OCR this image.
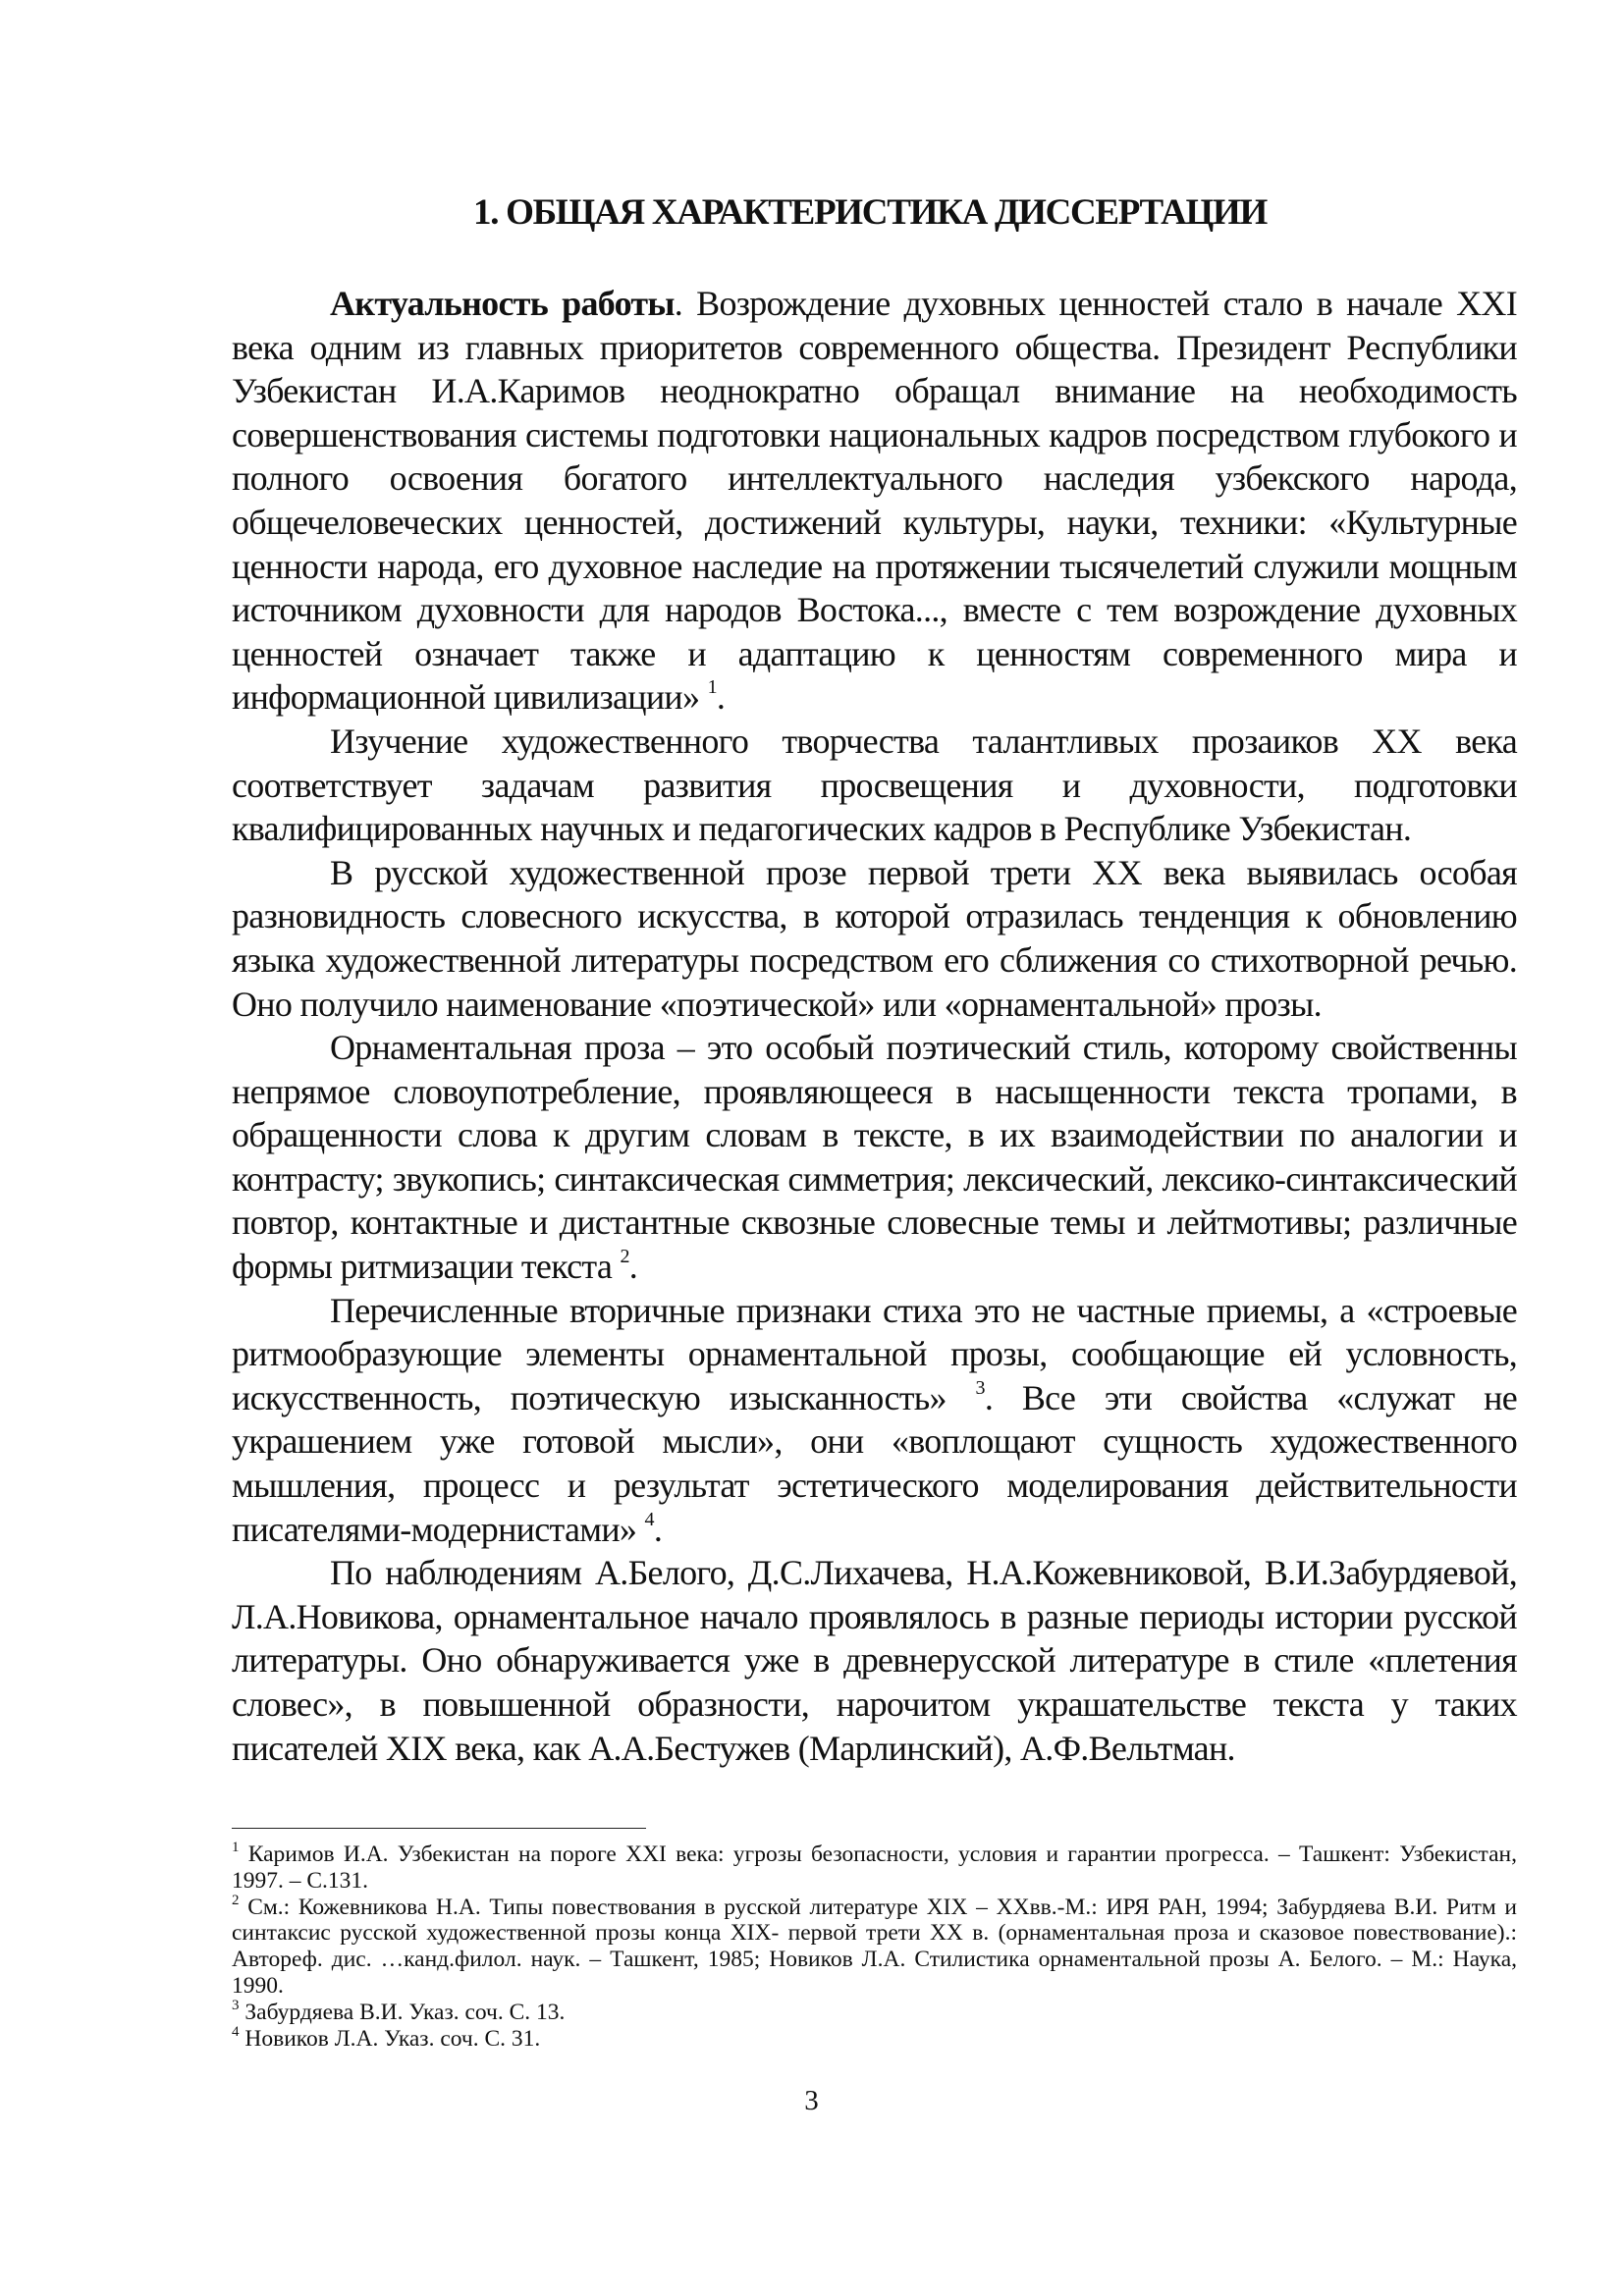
1. ОБЩАЯ ХАРАКТЕРИСТИКА ДИССЕРТАЦИИ

Актуальность работы. Возрождение духовных ценностей стало в начале XXI века одним из главных приоритетов современного общества. Президент Республики Узбекистан И.А.Каримов неоднократно обращал внимание на необходимость совершенствования системы подготовки национальных кадров посредством глубокого и полного освоения богатого интеллектуального наследия узбекского народа, общечеловеческих ценностей, достижений культуры, науки, техники: «Культурные ценности народа, его духовное наследие на протяжении тысячелетий служили мощным источником духовности для народов Востока..., вместе с тем возрождение духовных ценностей означает также и адаптацию к ценностям современного мира и информационной цивилизации» $^1$.

Изучение художественного творчества талантливых прозаиков XX века соответствует задачам развития просвещения и духовности, подготовки квалифицированных научных и педагогических кадров в Республике Узбекистан.

В русской художественной прозе первой трети XX века выявилась особая разновидность словесного искусства, в которой отразилась тенденция к обновлению языка художественной литературы посредством его сближения со стихотворной речью. Оно получило наименование «поэтической» или «орнаментальной» прозы.

Орнаментальная проза – это особый поэтический стиль, которому свойственны непрямое словоупотребление, проявляющееся в насыщенности текста тропами, в обращенности слова к другим словам в тексте, в их взаимодействии по аналогии и контрасту; звукопись; синтаксическая симметрия; лексический, лексико-синтаксический повтор, контактные и дистантные сквозные словесные темы и лейтмотивы; различные формы ритмизации текста $^2$.

Перечисленные вторичные признаки стиха это не частные приемы, а «строевые ритмообразующие элементы орнаментальной прозы, сообщающие ей условность, искусственность, поэтическую изысканность» $^3$. Все эти свойства «служат не украшением уже готовой мысли», они «воплощают сущность художественного мышления, процесс и результат эстетического моделирования действительности писателями-модернистами» $^4$.

По наблюдениям А.Белого, Д.С.Лихачева, Н.А.Кожевниковой, В.И.Забурдяевой, Л.А.Новикова, орнаментальное начало проявлялось в разные периоды истории русской литературы. Оно обнаруживается уже в древнерусской литературе в стиле «плетения словес», в повышенной образности, нарочитом украшательстве текста у таких писателей XIX века, как А.А.Бестужев (Марлинский), А.Ф.Вельтман.

$^1$ Каримов И.А. Узбекистан на пороге XXI века: угрозы безопасности, условия и гарантии прогресса. – Ташкент: Узбекистан, 1997. – С.131.

$^2$ См.: Кожевникова Н.А. Типы повествования в русской литературе XIX – XXвв.-М.: ИРЯ РАН, 1994; Забурдяева В.И. Ритм и синтаксис русской художественной прозы конца XIX- первой трети XX в. (орнаментальная проза и сказовое повествование).: Автореф. дис. …канд.филол. наук. – Ташкент, 1985; Новиков Л.А. Стилистика орнаментальной прозы А. Белого. – М.: Наука, 1990.

$^3$ Забурдяева В.И. Указ. соч. С. 13.

$^4$ Новиков Л.А. Указ. соч. С. 31.

3
